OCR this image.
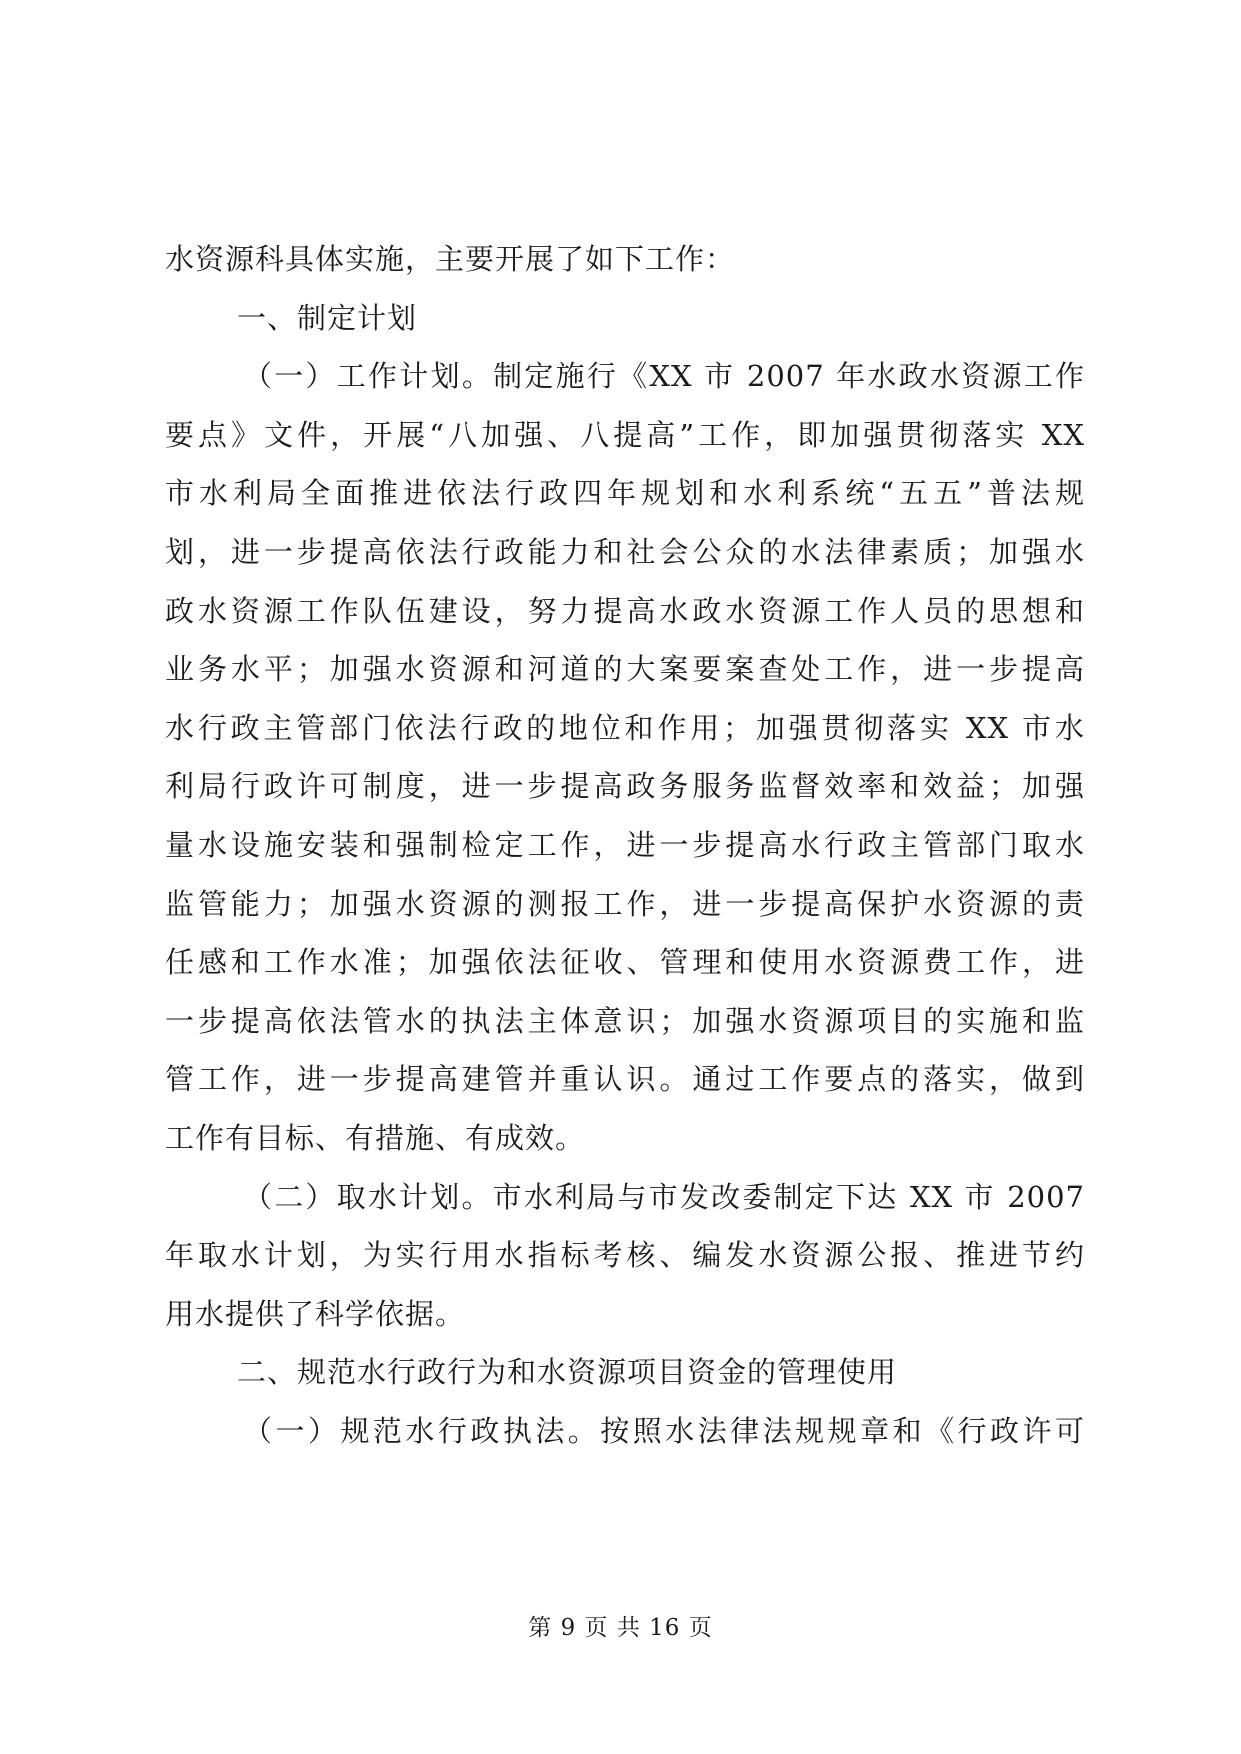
水资源科具体实施，主要开展了如下工作：
一、制定计划
（一）工作计划。制定施行《XX 市 2007 年水政水资源工作
要点》文件，开展“八加强、八提高”工作，即加强贯彻落实 XX
市水利局全面推进依法行政四年规划和水利系统“五五”普法规
划，进一步提高依法行政能力和社会公众的水法律素质；加强水
政水资源工作队伍建设，努力提高水政水资源工作人员的思想和
业务水平；加强水资源和河道的大案要案查处工作，进一步提高
水行政主管部门依法行政的地位和作用；加强贯彻落实 XX 市水
利局行政许可制度，进一步提高政务服务监督效率和效益；加强
量水设施安装和强制检定工作，进一步提高水行政主管部门取水
监管能力；加强水资源的测报工作，进一步提高保护水资源的责
任感和工作水准；加强依法征收、管理和使用水资源费工作，进
一步提高依法管水的执法主体意识；加强水资源项目的实施和监
管工作，进一步提高建管并重认识。通过工作要点的落实，做到
工作有目标、有措施、有成效。
（二）取水计划。市水利局与市发改委制定下达 XX 市 2007
年取水计划，为实行用水指标考核、编发水资源公报、推进节约
用水提供了科学依据。
二、规范水行政行为和水资源项目资金的管理使用
（一）规范水行政执法。按照水法律法规规章和《行政许可
第 9 页 共 16 页
